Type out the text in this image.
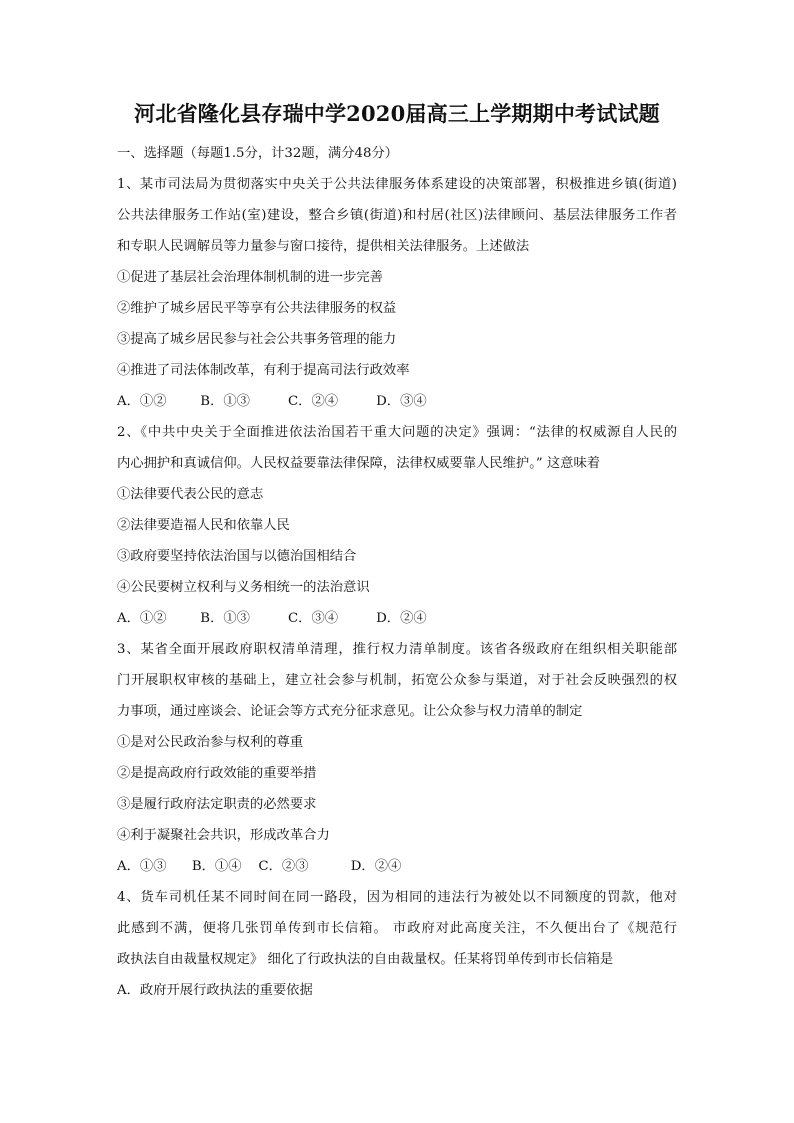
河北省隆化县存瑞中学2020届高三上学期期中考试试题

一、选择题（每题1.5分，计32题，满分48分）

1、某市司法局为贯彻落实中央关于公共法律服务体系建设的决策部署，积极推进乡镇(街道)

公共法律服务工作站(室)建设，整合乡镇(街道)和村居(社区)法律顾问、基层法律服务工作者

和专职人民调解员等力量参与窗口接待，提供相关法律服务。上述做法

①促进了基层社会治理体制机制的进一步完善

②维护了城乡居民平等享有公共法律服务的权益

③提高了城乡居民参与社会公共事务管理的能力

④推进了司法体制改革，有利于提高司法行政效率

A．①②        B．①③         C．②④         D．③④

2、《中共中央关于全面推进依法治国若干重大问题的决定》强调：“法律的权威源自人民的

内心拥护和真诚信仰。人民权益要靠法律保障，法律权威要靠人民维护。” 这意味着

①法律要代表公民的意志

②法律要造福人民和依靠人民

③政府要坚持依法治国与以德治国相结合

④公民要树立权利与义务相统一的法治意识

A．①②        B．①③         C．③④         D．②④

3、某省全面开展政府职权清单清理，推行权力清单制度。该省各级政府在组织相关职能部

门开展职权审核的基础上，建立社会参与机制，拓宽公众参与渠道，对于社会反映强烈的权

力事项，通过座谈会、论证会等方式充分征求意见。让公众参与权力清单的制定

①是对公民政治参与权利的尊重

②是提高政府行政效能的重要举措

③是履行政府法定职责的必然要求

④利于凝聚社会共识，形成改革合力

A．①③      B．①④    C．②③          D．②④

4、货车司机任某不同时间在同一路段，因为相同的违法行为被处以不同额度的罚款，他对

此感到不满，便将几张罚单传到市长信箱。 市政府对此高度关注，不久便出台了《规范行

政执法自由裁量权规定》 细化了行政执法的自由裁量权。任某将罚单传到市长信箱是

A．政府开展行政执法的重要依据
